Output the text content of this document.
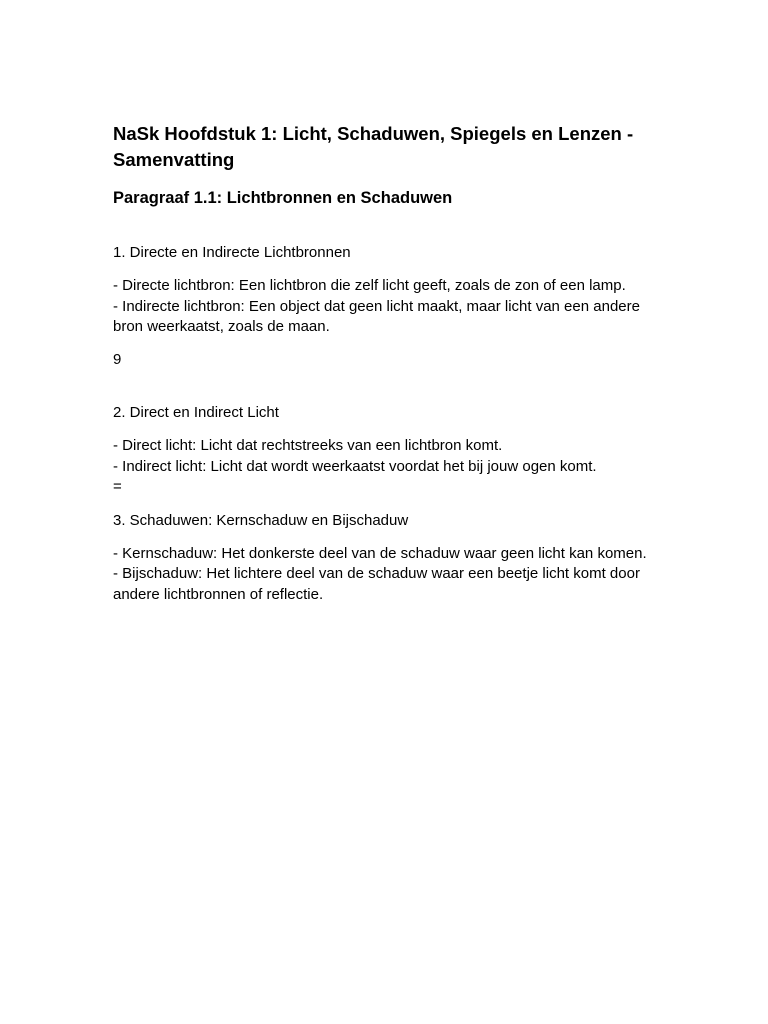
NaSk Hoofdstuk 1: Licht, Schaduwen, Spiegels en Lenzen - Samenvatting
Paragraaf 1.1: Lichtbronnen en Schaduwen

1. Directe en Indirecte Lichtbronnen

- Directe lichtbron: Een lichtbron die zelf licht geeft, zoals de zon of een lamp.
- Indirecte lichtbron: Een object dat geen licht maakt, maar licht van een andere bron weerkaatst, zoals de maan.

9

2. Direct en Indirect Licht

- Direct licht: Licht dat rechtstreeks van een lichtbron komt.
- Indirect licht: Licht dat wordt weerkaatst voordat het bij jouw ogen komt.
=

3. Schaduwen: Kernschaduw en Bijschaduw

- Kernschaduw: Het donkerste deel van de schaduw waar geen licht kan komen.
- Bijschaduw: Het lichtere deel van de schaduw waar een beetje licht komt door andere lichtbronnen of reflectie.
